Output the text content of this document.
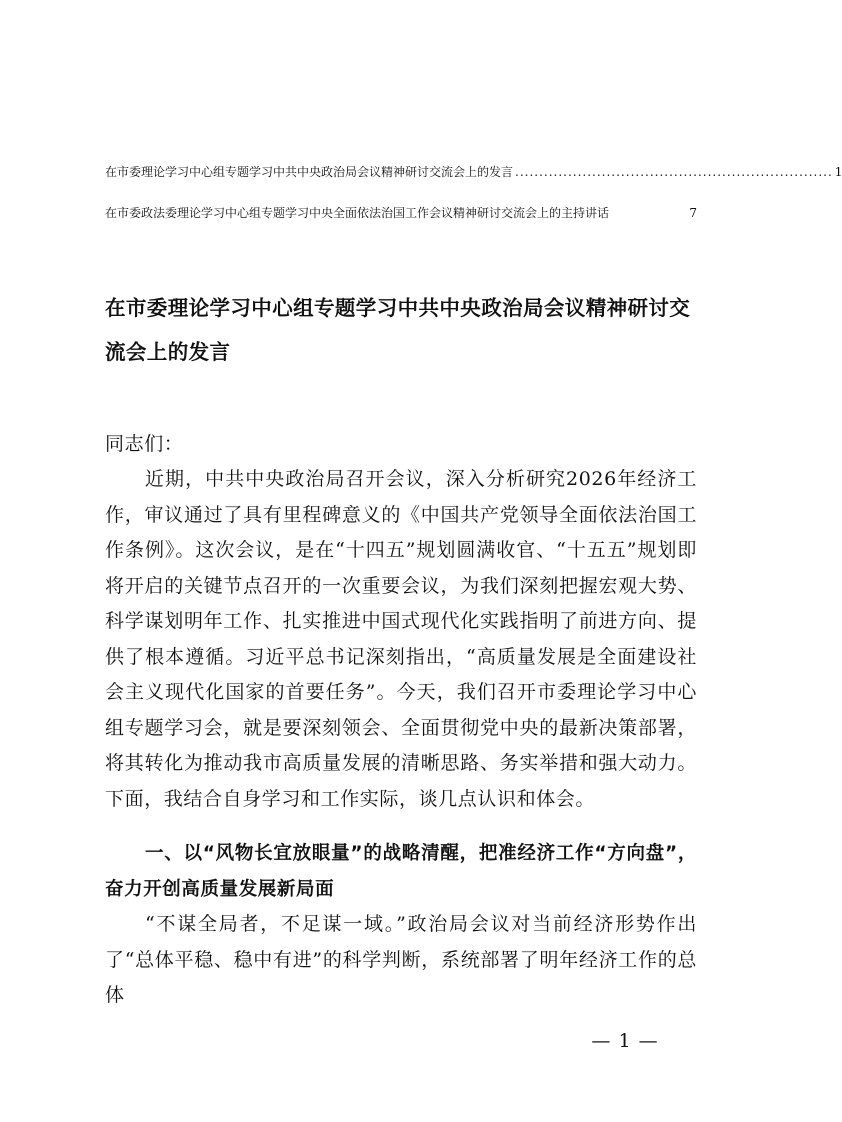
在市委理论学习中心组专题学习中共中央政治局会议精神研讨交流会上的发言 .................................................................. 1
在市委政法委理论学习中心组专题学习中央全面依法治国工作会议精神研讨交流会上的主持讲话	7
在市委理论学习中心组专题学习中共中央政治局会议精神研讨交流会上的发言

同志们：

近期，中共中央政治局召开会议，深入分析研究2026年经济工作，审议通过了具有里程碑意义的《中国共产党领导全面依法治国工作条例》。这次会议，是在“十四五”规划圆满收官、“十五五”规划即将开启的关键节点召开的一次重要会议，为我们深刻把握宏观大势、科学谋划明年工作、扎实推进中国式现代化实践指明了前进方向、提供了根本遵循。习近平总书记深刻指出，“高质量发展是全面建设社会主义现代化国家的首要任务”。今天，我们召开市委理论学习中心组专题学习会，就是要深刻领会、全面贯彻党中央的最新决策部署，将其转化为推动我市高质量发展的清晰思路、务实举措和强大动力。下面，我结合自身学习和工作实际，谈几点认识和体会。

一、以“风物长宜放眼量”的战略清醒，把准经济工作“方向盘”，奋力开创高质量发展新局面

“不谋全局者，不足谋一域。”政治局会议对当前经济形势作出了“总体平稳、稳中有进”的科学判断，系统部署了明年经济工作的总体

— 1 —
